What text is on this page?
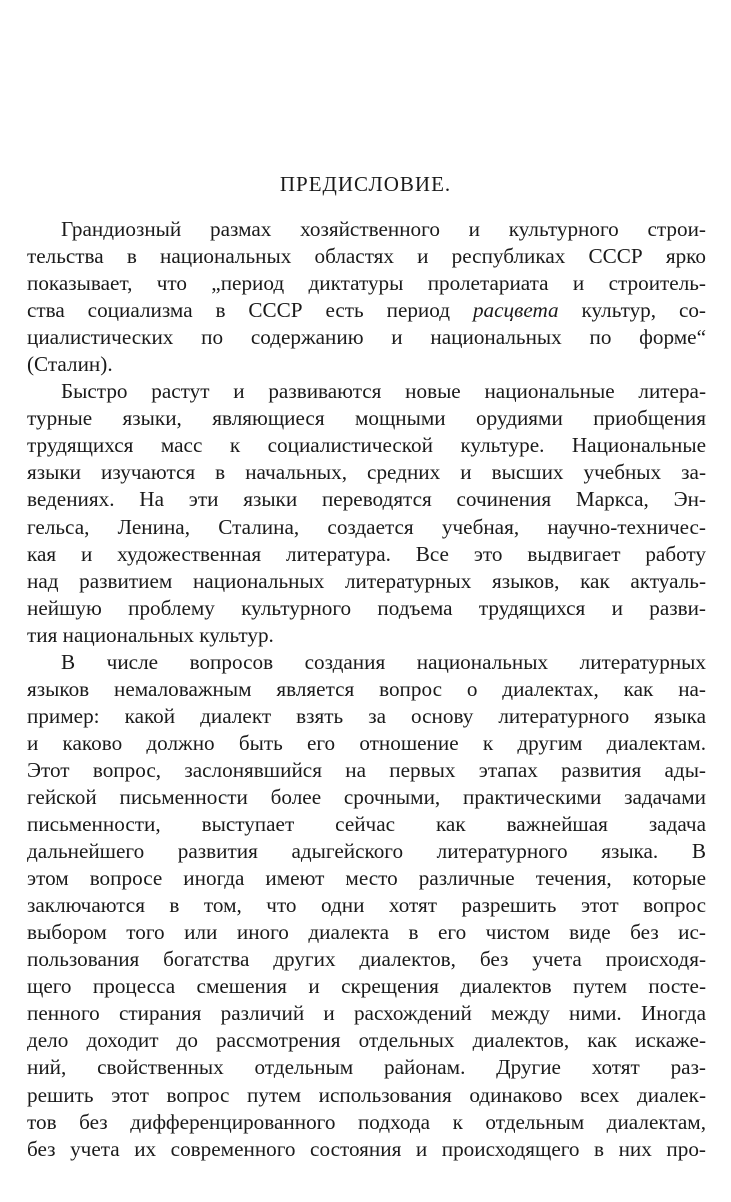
ПРЕДИСЛОВИЕ.
Грандиозный размах хозяйственного и культурного строи-
тельства в национальных областях и республиках СССР ярко
показывает, что „период диктатуры пролетариата и строитель-
ства социализма в СССР есть период расцвета культур, со-
циалистических по содержанию и национальных по форме“
(Сталин).
Быстро растут и развиваются новые национальные литера-
турные языки, являющиеся мощными орудиями приобщения
трудящихся масс к социалистической культуре. Национальные
языки изучаются в начальных, средних и высших учебных за-
ведениях. На эти языки переводятся сочинения Маркса, Эн-
гельса, Ленина, Сталина, создается учебная, научно-техничес-
кая и художественная литература. Все это выдвигает работу
над развитием национальных литературных языков, как актуаль-
нейшую проблему культурного подъема трудящихся и разви-
тия национальных культур.
В числе вопросов создания национальных литературных
языков немаловажным является вопрос о диалектах, как на-
пример: какой диалект взять за основу литературного языка
и каково должно быть его отношение к другим диалектам.
Этот вопрос, заслонявшийся на первых этапах развития ады-
гейской письменности более срочными, практическими задачами
письменности, выступает сейчас как важнейшая задача
дальнейшего развития адыгейского литературного языка. В
этом вопросе иногда имеют место различные течения, которые
заключаются в том, что одни хотят разрешить этот вопрос
выбором того или иного диалекта в его чистом виде без ис-
пользования богатства других диалектов, без учета происходя-
щего процесса смешения и скрещения диалектов путем посте-
пенного стирания различий и расхождений между ними. Иногда
дело доходит до рассмотрения отдельных диалектов, как искаже-
ний, свойственных отдельным районам. Другие хотят раз-
решить этот вопрос путем использования одинаково всех диалек-
тов без дифференцированного подхода к отдельным диалектам,
без учета их современного состояния и происходящего в них про-
